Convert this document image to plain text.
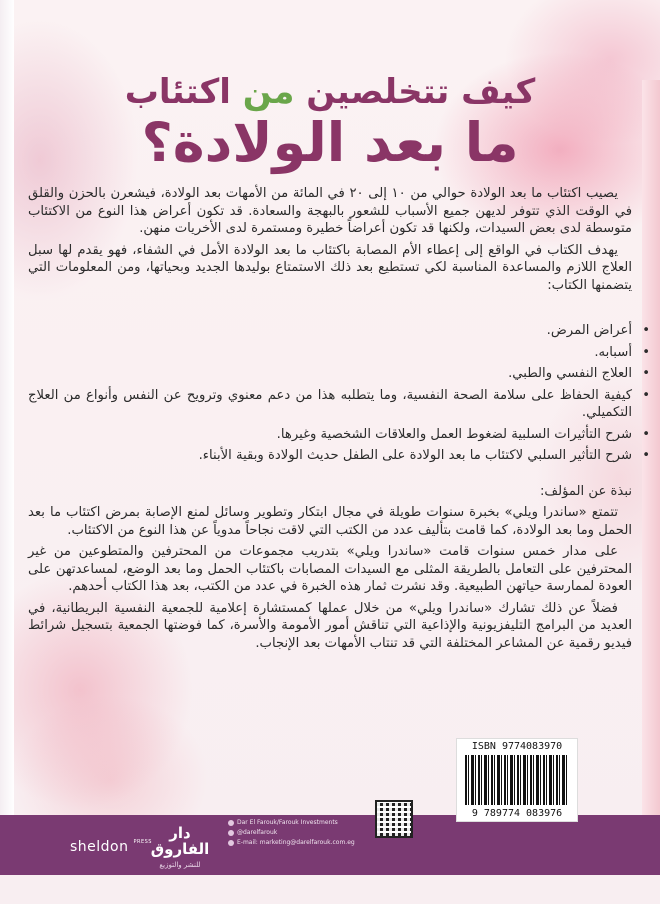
كيف تتخلصين من اكتئاب
ما بعد الولادة؟

يصيب اكتئاب ما بعد الولادة حوالي من ١٠ إلى ٢٠ في المائة من الأمهات بعد الولادة، فيشعرن بالحزن والقلق في الوقت الذي تتوفر لديهن جميع الأسباب للشعور بالبهجة والسعادة. قد تكون أعراض هذا النوع من الاكتئاب متوسطة لدى بعض السيدات، ولكنها قد تكون أعراضاً خطيرة ومستمرة لدى الأخريات منهن.

يهدف الكتاب في الواقع إلى إعطاء الأم المصابة باكتئاب ما بعد الولادة الأمل في الشفاء، فهو يقدم لها سبل العلاج اللازم والمساعدة المناسبة لكي تستطيع بعد ذلك الاستمتاع بوليدها الجديد وبحياتها، ومن المعلومات التي يتضمنها الكتاب:

• أعراض المرض.
• أسبابه.
• العلاج النفسي والطبي.
• كيفية الحفاظ على سلامة الصحة النفسية، وما يتطلبه هذا من دعم معنوي وترويح عن النفس وأنواع من العلاج التكميلي.
• شرح التأثيرات السلبية لضغوط العمل والعلاقات الشخصية وغيرها.
• شرح التأثير السلبي لاكتئاب ما بعد الولادة على الطفل حديث الولادة وبقية الأبناء.
نبذة عن المؤلف:

تتمتع «ساندرا ويلي» بخبرة سنوات طويلة في مجال ابتكار وتطوير وسائل لمنع الإصابة بمرض اكتئاب ما بعد الحمل وما بعد الولادة، كما قامت بتأليف عدد من الكتب التي لاقت نجاحاً مدوياً عن هذا النوع من الاكتئاب.

على مدار خمس سنوات قامت «ساندرا ويلي» بتدريب مجموعات من المحترفين والمتطوعين من غير المحترفين على التعامل بالطريقة المثلى مع السيدات المصابات باكتئاب الحمل وما بعد الوضع، لمساعدتهن على العودة لممارسة حياتهن الطبيعية. وقد نشرت ثمار هذه الخبرة في عدد من الكتب، بعد هذا الكتاب أحدهم.

فضلاً عن ذلك تشارك «ساندرا ويلي» من خلال عملها كمستشارة إعلامية للجمعية النفسية البريطانية، في العديد من البرامج التليفزيونية والإذاعية التي تناقش أمور الأمومة والأسرة، كما فوضتها الجمعية بتسجيل شرائط فيديو رقمية عن المشاعر المختلفة التي قد تنتاب الأمهات بعد الإنجاب.

sheldon $^{PRESS}$	دار الفاروق
للنشر والتوزيع
Dar El Farouk/Farouk Investments
@darelfarouk
E-mail: marketing@darelfarouk.com.eg
ISBN 9774083970
9 789774 083976
